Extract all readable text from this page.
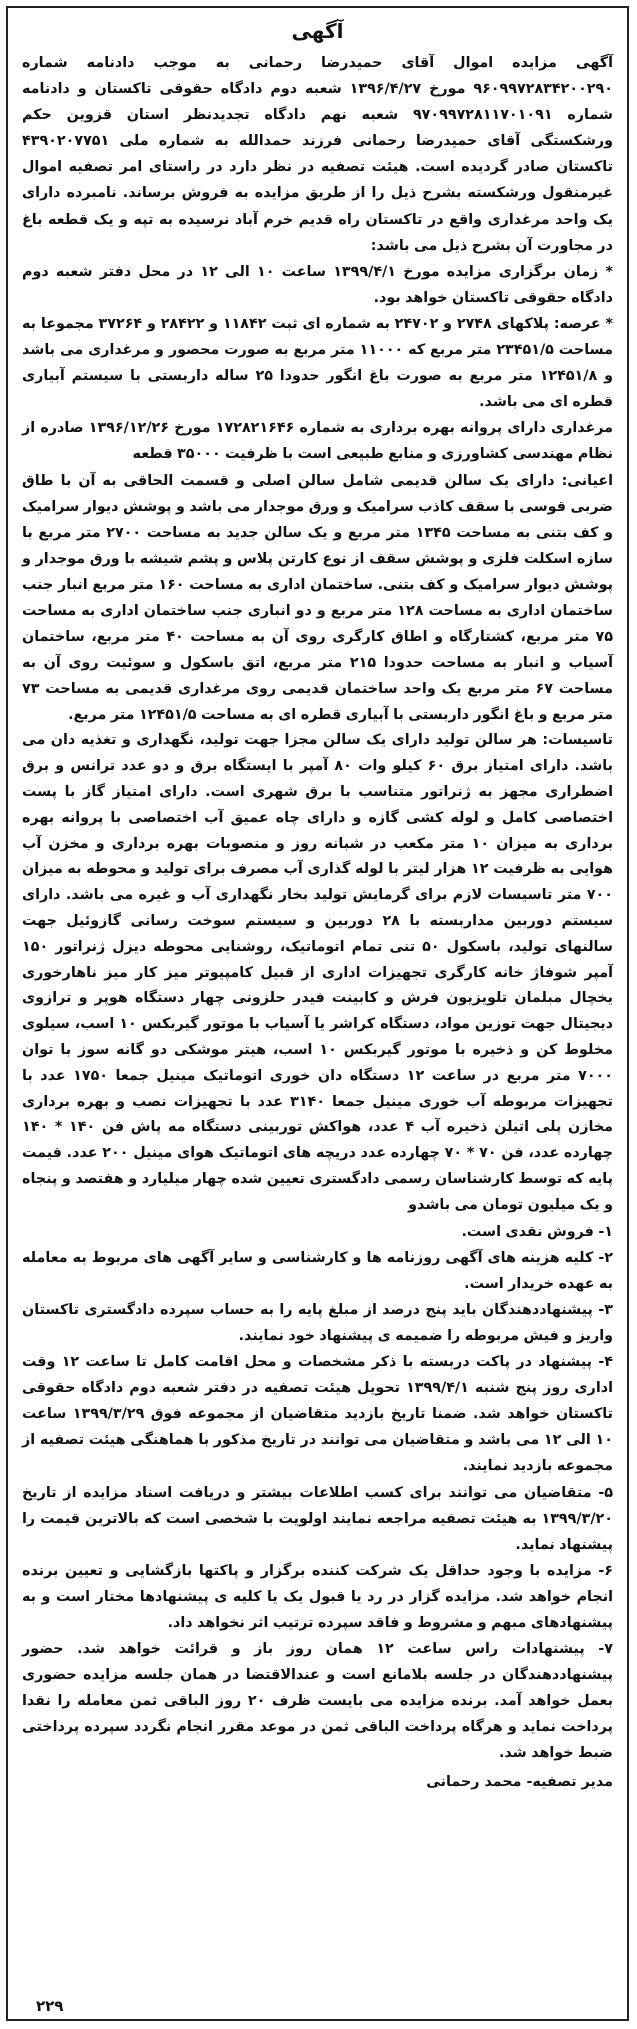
آگهی

آگهی مزایده اموال آقای حمیدرضا رحمانی به موجب دادنامه شماره ۹۶۰۹۹۷۲۸۳۴۲۰۰۲۹۰ مورخ ۱۳۹۶/۴/۲۷ شعبه دوم دادگاه حقوقی تاکستان و دادنامه شماره ۹۷۰۹۹۷۲۸۱۱۷۰۱۰۹۱ شعبه نهم دادگاه تجدیدنظر استان قزوین حکم ورشکستگی آقای حمیدرضا رحمانی فرزند حمدالله به شماره ملی ۴۳۹۰۲۰۷۷۵۱ تاکستان صادر گردیده است. هیئت تصفیه در نظر دارد در راستای امر تصفیه اموال غیرمنقول ورشکسته بشرح ذیل را از طریق مزایده به فروش برساند. نامبرده دارای یک واحد مرغداری واقع در تاکستان راه قدیم خرم آباد نرسیده به تپه و یک قطعه باغ در مجاورت آن بشرح ذیل می باشد:

* زمان برگزاری مزایده مورخ ۱۳۹۹/۴/۱ ساعت ۱۰ الی ۱۲ در محل دفتر شعبه دوم دادگاه حقوقی تاکستان خواهد بود.

* عرصه: پلاکهای ۲۷۴۸ و ۲۴۷۰۲ به شماره ای ثبت ۱۱۸۴۲ و ۲۸۴۲۲ و ۳۷۲۶۴ مجموعا به مساحت ۲۳۴۵۱/۵ متر مربع که ۱۱۰۰۰ متر مربع به صورت محصور و مرغداری می باشد و ۱۲۴۵۱/۸ متر مربع به صورت باغ انگور حدودا ۲۵ ساله داربستی با سیستم آبیاری قطره ای می باشد.

مرغداری دارای پروانه بهره برداری به شماره ۱۷۲۸۲۱۶۴۶ مورخ ۱۳۹۶/۱۲/۲۶ صادره از نظام مهندسی کشاورزی و منابع طبیعی است با ظرفیت ۳۵۰۰۰ قطعه

اعیانی: دارای یک سالن قدیمی شامل سالن اصلی و قسمت الحاقی به آن با طاق ضربی قوسی با سقف کاذب سرامیک و ورق موجدار می باشد و پوشش دیوار سرامیک و کف بتنی به مساحت ۱۳۴۵ متر مربع و یک سالن جدید به مساحت ۲۷۰۰ متر مربع با سازه اسکلت فلزی و پوشش سقف از نوع کارتن پلاس و پشم شیشه با ورق موجدار و پوشش دیوار سرامیک و کف بتنی. ساختمان اداری به مساحت ۱۶۰ متر مربع انبار جنب ساختمان اداری به مساحت ۱۲۸ متر مربع و دو انباری جنب ساختمان اداری به مساحت ۷۵ متر مربع، کشتارگاه و اطاق کارگری روی آن به مساحت ۴۰ متر مربع، ساختمان آسیاب و انبار به مساحت حدودا ۲۱۵ متر مربع، اتق باسکول و سوئیت روی آن به مساحت ۶۷ متر مربع یک واحد ساختمان قدیمی روی مرغداری قدیمی به مساحت ۷۳ متر مربع و باغ انگور داربستی با آبیاری قطره ای به مساحت ۱۲۴۵۱/۵ متر مربع.

تاسیسات: هر سالن تولید دارای یک سالن مجزا جهت تولید، نگهداری و تغذیه دان می باشد. دارای امتیاز برق ۶۰ کیلو وات ۸۰ آمپر با ایستگاه برق و دو عدد ترانس و برق اضطراری مجهز به ژنراتور متناسب با برق شهری است. دارای امتیاز گاز با پست اختصاصی کامل و لوله کشی گازه و دارای چاه عمیق آب اختصاصی با پروانه بهره برداری به میزان ۱۰ متر مکعب در شبانه روز و منصوبات بهره برداری و مخزن آب هوایی به ظرفیت ۱۲ هزار لیتر با لوله گذاری آب مصرف برای تولید و محوطه به میزان ۷۰۰ متر تاسیسات لازم برای گرمایش تولید بخار نگهداری آب و غیره می باشد. دارای سیستم دوربین مداربسته با ۲۸ دوربین و سیستم سوخت رسانی گازوئیل جهت سالنهای تولید، باسکول ۵۰ تنی تمام اتوماتیک، روشنایی محوطه دیزل ژنراتور ۱۵۰ آمپر شوفاژ خانه کارگری تجهیزات اداری از قبیل کامپیوتر میز کار میز ناهارخوری یخچال مبلمان تلویزیون فرش و کابینت فیدر حلزونی چهار دستگاه هوپر و ترازوی دیجیتال جهت توزین مواد، دستگاه کراشر یا آسیاب با موتور گیربکس ۱۰ اسب، سیلوی مخلوط کن و ذخیره با موتور گیربکس ۱۰ اسب، هیتر موشکی دو گانه سوز با توان ۷۰۰۰ متر مربع در ساعت ۱۲ دستگاه دان خوری اتوماتیک مینیل جمعا ۱۷۵۰ عدد با تجهیزات مربوطه آب خوری مینیل جمعا ۳۱۴۰ عدد با تجهیزات نصب و بهره برداری مخازن پلی اتیلن ذخیره آب ۴ عدد، هواکش توربینی دستگاه مه پاش فن ۱۴۰ * ۱۴۰ چهارده عدد، فن ۷۰ * ۷۰ چهارده عدد دریچه های اتوماتیک هوای مینیل ۲۰۰ عدد. قیمت پایه که توسط کارشناسان رسمی دادگستری تعیین شده چهار میلیارد و هفتصد و پنجاه و یک میلیون تومان می باشدو

۱- فروش نقدی است.

۲- کلیه هزینه های آگهی روزنامه ها و کارشناسی و سایر آگهی های مربوط به معامله به عهده خریدار است.

۳- پیشنهاددهندگان باید پنج درصد از مبلغ پایه را به حساب سپرده دادگستری تاکستان واریز و فیش مربوطه را ضمیمه ی پیشنهاد خود نمایند.

۴- پیشنهاد در پاکت دربسته با ذکر مشخصات و محل اقامت کامل تا ساعت ۱۲ وقت اداری روز پنج شنبه ۱۳۹۹/۴/۱ تحویل هیئت تصفیه در دفتر شعبه دوم دادگاه حقوقی تاکستان خواهد شد. ضمنا تاریخ بازدید متقاضیان از مجموعه فوق ۱۳۹۹/۳/۲۹ ساعت ۱۰ الی ۱۲ می باشد و متقاضیان می توانند در تاریخ مذکور با هماهنگی هیئت تصفیه از مجموعه بازدید نمایند.

۵- متقاضیان می توانند برای کسب اطلاعات بیشتر و دریافت اسناد مزایده از تاریخ ۱۳۹۹/۳/۲۰ به هیئت تصفیه مراجعه نمایند اولویت با شخصی است که بالاترین قیمت را پیشنهاد نماید.

۶- مزایده با وجود حداقل یک شرکت کننده برگزار و پاکتها بازگشایی و تعیین برنده انجام خواهد شد. مزایده گزار در رد یا قبول یک یا کلیه ی پیشنهادها مختار است و به پیشنهادهای مبهم و مشروط و فاقد سپرده ترتیب اثر نخواهد داد.

۷- پیشنهادات راس ساعت ۱۲ همان روز باز و قرائت خواهد شد. حضور پیشنهاددهندگان در جلسه بلامانع است و عندالاقتضا در همان جلسه مزایده حضوری بعمل خواهد آمد. برنده مزایده می بایست ظرف ۲۰ روز الباقی ثمن معامله را نقدا پرداخت نماید و هرگاه پرداخت الباقی ثمن در موعد مقرر انجام نگردد سپرده پرداختی ضبط خواهد شد.

مدیر تصفیه- محمد رحمانی
۲۲۹
